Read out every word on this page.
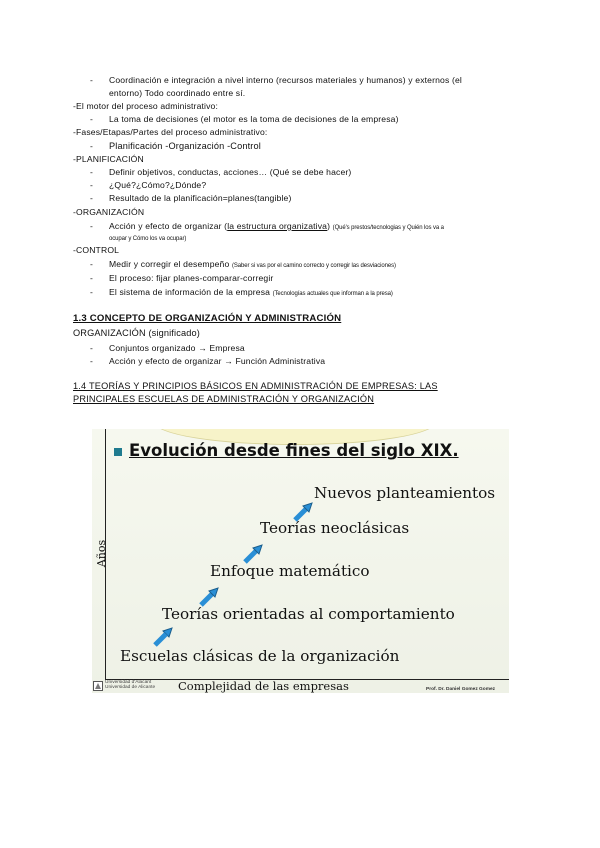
- Coordinación e integración a nivel interno (recursos materiales y humanos) y externos (el
entorno) Todo coordinado entre sí.
-El motor del proceso administrativo:
- La toma de decisiones (el motor es la toma de decisiones de la empresa)
-Fases/Etapas/Partes del proceso administrativo:
- Planificación -Organización -Control
-PLANIFICACIÓN
- Definir objetivos, conductas, acciones… (Qué se debe hacer)
- ¿Qué?¿Cómo?¿Dónde?
- Resultado de la planificación=planes(tangible)
-ORGANIZACIÓN
- Acción y efecto de organizar (la estructura organizativa) (Qué's prestos/tecnologias y Quién los va a
ocupar y Cómo los va ocupar)
-CONTROL
- Medir y corregir el desempeño (Saber si vas por el camino correcto y corregir las desviaciones)
- El proceso: fijar planes-comparar-corregir
- El sistema de información de la empresa (Tecnologías actuales que informan a la presa)
1.3 CONCEPTO DE ORGANIZACIÓN Y ADMINISTRACIÓN
ORGANIZACIÓN (significado)
- Conjuntos organizado → Empresa
- Acción y efecto de organizar → Función Administrativa
1.4 TEORÍAS Y PRINCIPIOS BÁSICOS EN ADMINISTRACIÓN DE EMPRESAS: LAS
PRINCIPALES ESCUELAS DE ADMINISTRACIÓN Y ORGANIZACIÓN
Evolución desde fines del siglo XIX.
Años
Complejidad de las empresas
Escuelas clásicas de la organización
Teorías orientadas al comportamiento
Enfoque matemático
Teorías neoclásicas
Nuevos planteamientos
Universidad d'Alacant
Universidad de Alicante	Prof. Dr. Daniel Gomez Gomez
